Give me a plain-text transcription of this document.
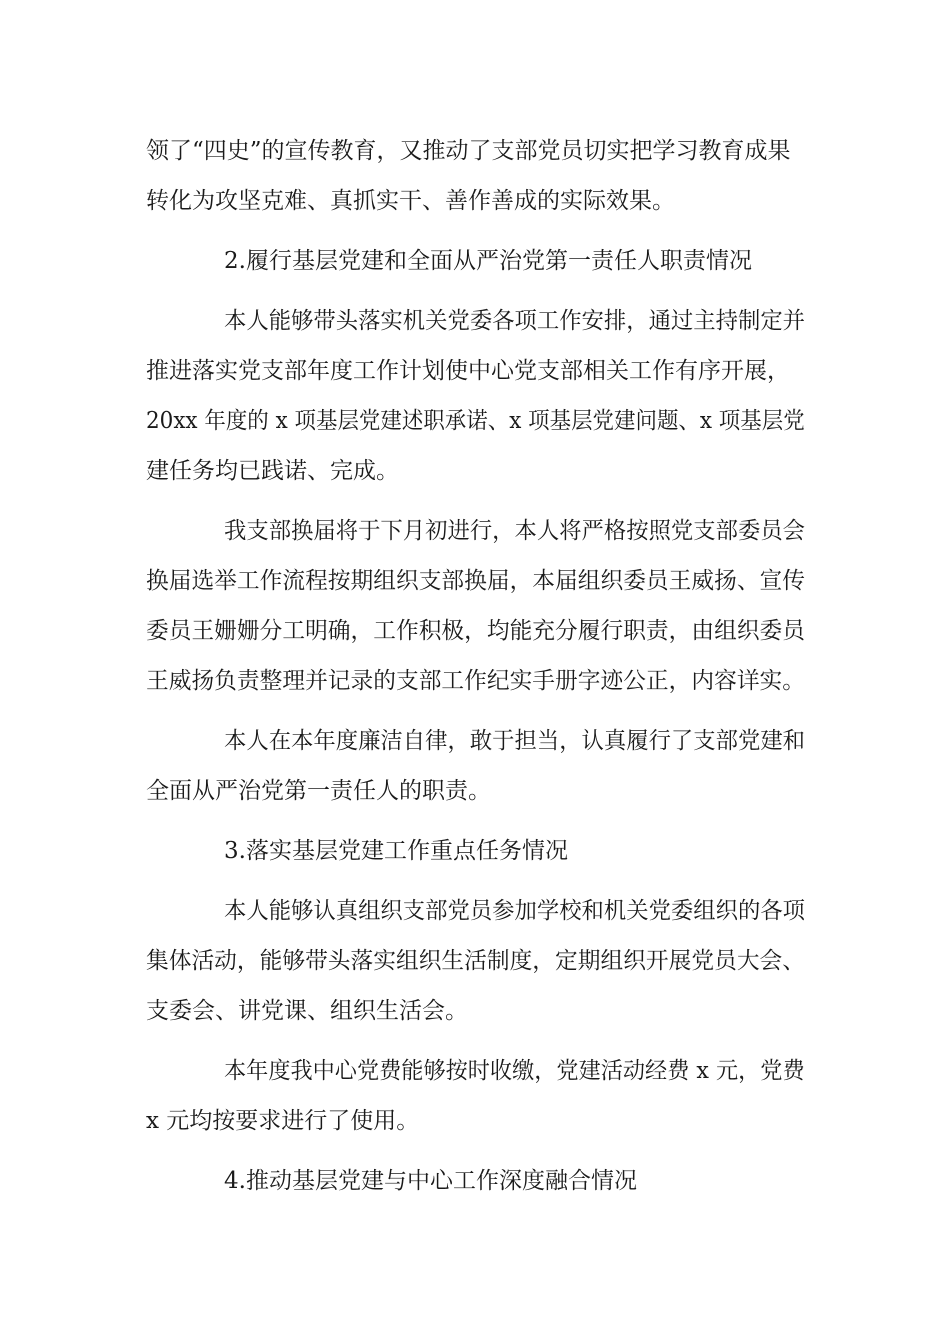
领了“四史”的宣传教育，又推动了支部党员切实把学习教育成果

转化为攻坚克难、真抓实干、善作善成的实际效果。

2.履行基层党建和全面从严治党第一责任人职责情况

本人能够带头落实机关党委各项工作安排，通过主持制定并

推进落实党支部年度工作计划使中心党支部相关工作有序开展，

20xx 年度的 x 项基层党建述职承诺、x 项基层党建问题、x 项基层党

建任务均已践诺、完成。

我支部换届将于下月初进行，本人将严格按照党支部委员会

换届选举工作流程按期组织支部换届，本届组织委员王威扬、宣传

委员王姗姗分工明确，工作积极，均能充分履行职责，由组织委员

王威扬负责整理并记录的支部工作纪实手册字迹公正，内容详实。

本人在本年度廉洁自律，敢于担当，认真履行了支部党建和

全面从严治党第一责任人的职责。

3.落实基层党建工作重点任务情况

本人能够认真组织支部党员参加学校和机关党委组织的各项

集体活动，能够带头落实组织生活制度，定期组织开展党员大会、

支委会、讲党课、组织生活会。

本年度我中心党费能够按时收缴，党建活动经费 x 元，党费

x 元均按要求进行了使用。

4.推动基层党建与中心工作深度融合情况
